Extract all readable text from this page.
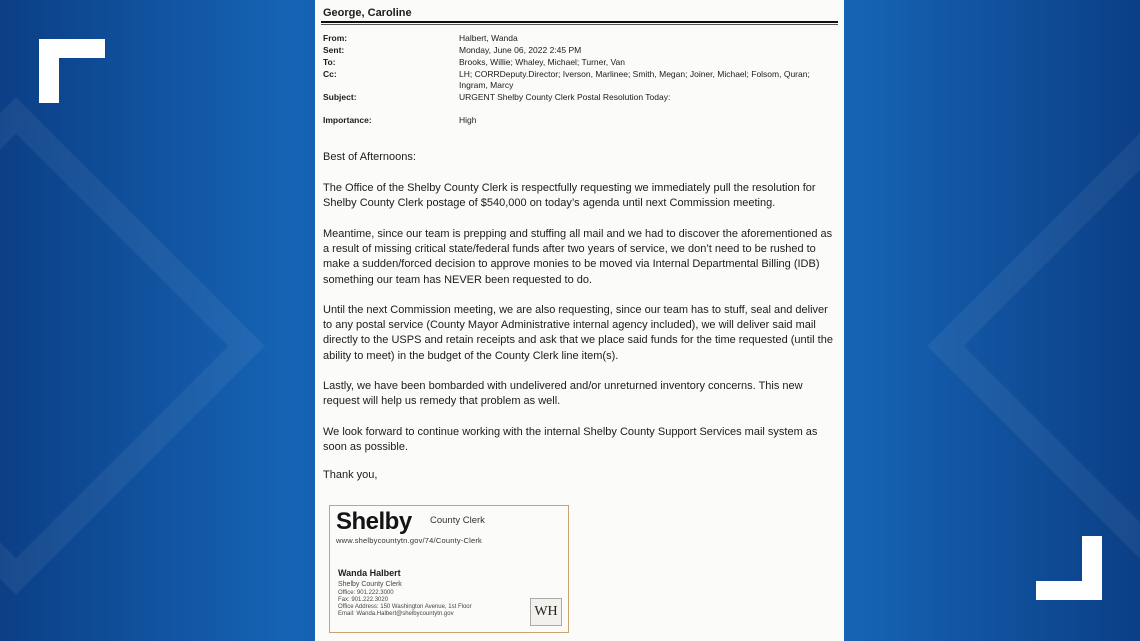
George, Caroline
From:	Halbert, Wanda
Sent:	Monday, June 06, 2022 2:45 PM
To:	Brooks, Willie; Whaley, Michael; Turner, Van
Cc:	LH; CORRDeputy.Director; Iverson, Marlinee; Smith, Megan; Joiner, Michael; Folsom, Quran; Ingram, Marcy
Subject:	URGENT Shelby County Clerk Postal Resolution Today:
Importance:	High
Best of Afternoons:
The Office of the Shelby County Clerk is respectfully requesting we immediately pull the resolution for Shelby County Clerk postage of $540,000 on today’s agenda until next Commission meeting.
Meantime, since our team is prepping and stuffing all mail and we had to discover the aforementioned as a result of missing critical state/federal funds after two years of service, we don’t need to be rushed to make a sudden/forced decision to approve monies to be moved via Internal Departmental Billing (IDB) something our team has NEVER been requested to do.
Until the next Commission meeting, we are also requesting, since our team has to stuff, seal and deliver to any postal service (County Mayor Administrative internal agency included), we will deliver said mail directly to the USPS and retain receipts and ask that we place said funds for the time requested (until the ability to meet) in the budget of the County Clerk line item(s).
Lastly, we have been bombarded with undelivered and/or unreturned inventory concerns. This new request will help us remedy that problem as well.
We look forward to continue working with the internal Shelby County Support Services mail system as soon as possible.
Thank you,
Shelby County Clerk
www.shelbycountytn.gov/74/County-Clerk
Wanda Halbert
Shelby County Clerk
Office: 901.222.3000
Fax: 901.222.3020
Office Address: 150 Washington Avenue, 1st Floor
Email: Wanda.Halbert@shelbycountytn.gov	WH
